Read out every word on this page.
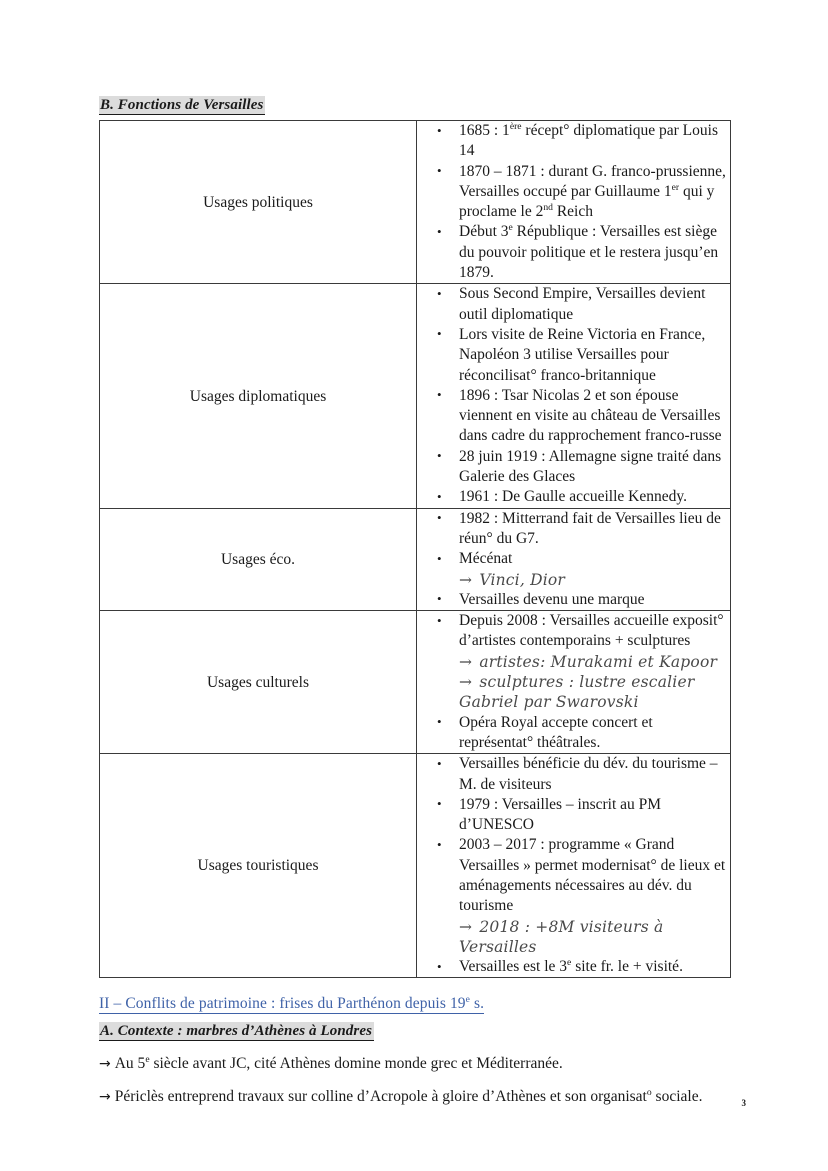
B. Fonctions de Versailles
Usages politiques	
• 1685 : 1ère récept° diplomatique par Louis 14
• 1870 – 1871 : durant G. franco-prussienne, Versailles occupé par Guillaume 1er qui y proclame le 2nd Reich
• Début 3e République : Versailles est siège du pouvoir politique et le restera jusqu’en 1879.

Usages diplomatiques	
• Sous Second Empire, Versailles devient outil diplomatique
• Lors visite de Reine Victoria en France, Napoléon 3 utilise Versailles pour réconcilisat° franco-britannique
• 1896 : Tsar Nicolas 2 et son épouse viennent en visite au château de Versailles dans cadre du rapprochement franco-russe
• 28 juin 1919 : Allemagne signe traité dans Galerie des Glaces
• 1961 : De Gaulle accueille Kennedy.

Usages éco.	
• 1982 : Mitterrand fait de Versailles lieu de réun° du G7.
• Mécénat
→ Vinci, Dior
• Versailles devenu une marque

Usages culturels	
• Depuis 2008 : Versailles accueille exposit° d’artistes contemporains + sculptures
→ artistes: Murakami et Kapoor
→ sculptures : lustre escalier Gabriel par Swarovski
• Opéra Royal accepte concert et représentat° théâtrales.

Usages touristiques	
• Versailles bénéficie du dév. du tourisme – M. de visiteurs
• 1979 : Versailles – inscrit au PM d’UNESCO
• 2003 – 2017 : programme « Grand Versailles » permet modernisat° de lieux et aménagements nécessaires au dév. du tourisme
→ 2018 : +8M visiteurs à Versailles
• Versailles est le 3e site fr. le + visité.
II – Conflits de patrimoine : frises du Parthénon depuis 19e s.
A. Contexte : marbres d’Athènes à Londres
→ Au 5e siècle avant JC, cité Athènes domine monde grec et Méditerranée.
→ Périclès entreprend travaux sur colline d’Acropole à gloire d’Athènes et son organisat$^o$ sociale.	3
